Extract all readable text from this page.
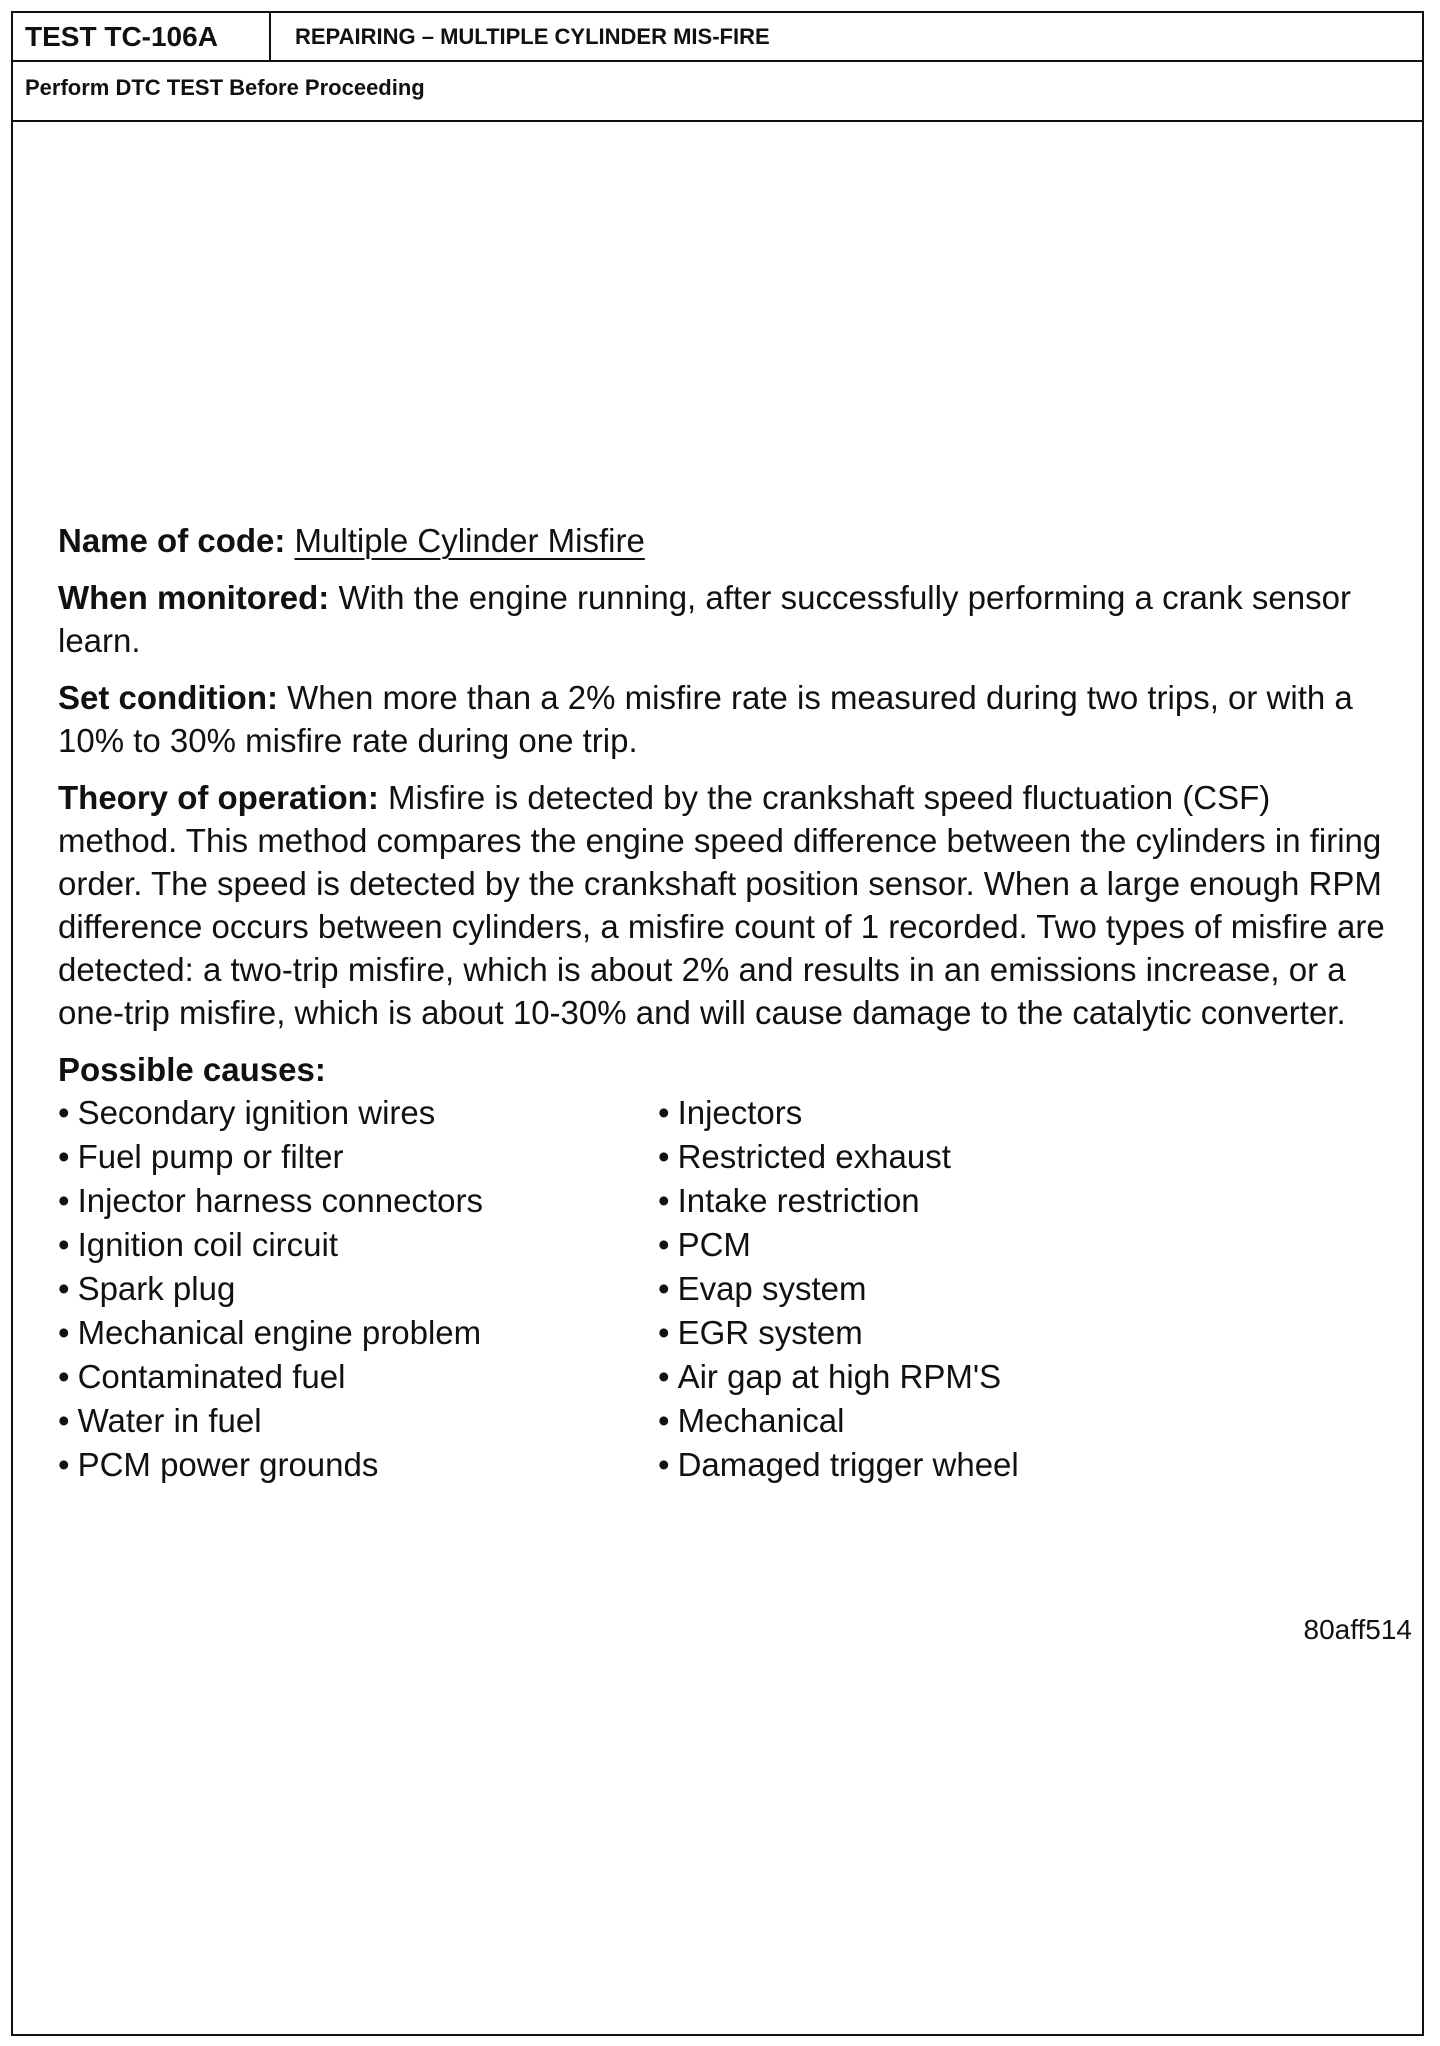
TEST TC-106A	REPAIRING – MULTIPLE CYLINDER MIS-FIRE
Perform DTC TEST Before Proceeding

Name of code: Multiple Cylinder Misfire

When monitored: With the engine running, after successfully performing a crank sensor learn.

Set condition: When more than a 2% misfire rate is measured during two trips, or with a 10% to 30% misfire rate during one trip.

Theory of operation: Misfire is detected by the crankshaft speed fluctuation (CSF) method. This method compares the engine speed difference between the cylinders in firing order. The speed is detected by the crankshaft position sensor. When a large enough RPM difference occurs between cylinders, a misfire count of 1 recorded. Two types of misfire are detected: a two-trip misfire, which is about 2% and results in an emissions increase, or a one-trip misfire, which is about 10-30% and will cause damage to the catalytic converter.

Possible causes:
• Secondary ignition wires
• Fuel pump or filter
• Injector harness connectors
• Ignition coil circuit
• Spark plug
• Mechanical engine problem
• Contaminated fuel
• Water in fuel
• PCM power grounds
• Injectors
• Restricted exhaust
• Intake restriction
• PCM
• Evap system
• EGR system
• Air gap at high RPM'S
• Mechanical
• Damaged trigger wheel
80aff514
